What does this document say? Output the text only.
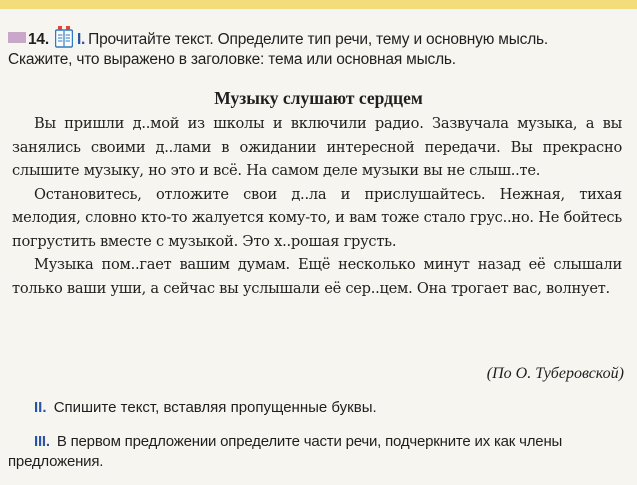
14. I. Прочитайте текст. Определите тип речи, тему и основную мысль.
Скажите, что выражено в заголовке: тема или основная мысль.
Музыку слушают сердцем

Вы пришли д..мой из школы и включили радио. Зазвучала музыка, а вы занялись своими д..лами в ожидании интересной передачи. Вы прекрасно слышите музыку, но это и всё. На самом деле музыки вы не слыш..те.

Остановитесь, отложите свои д..ла и прислушайтесь. Нежная, тихая мелодия, словно кто-то жалуется кому-то, и вам тоже стало грус..но. Не бойтесь погрустить вместе с музыкой. Это х..рошая грусть.

Музыка пом..гает вашим думам. Ещё несколько минут назад её слышали только ваши уши, а сейчас вы услышали её сер..цем. Она трогает вас, волнует.

(По О. Туберовской)
II. Спишите текст, вставляя пропущенные буквы.
III. В первом предложении определите части речи, подчеркните их как члены предложения.
